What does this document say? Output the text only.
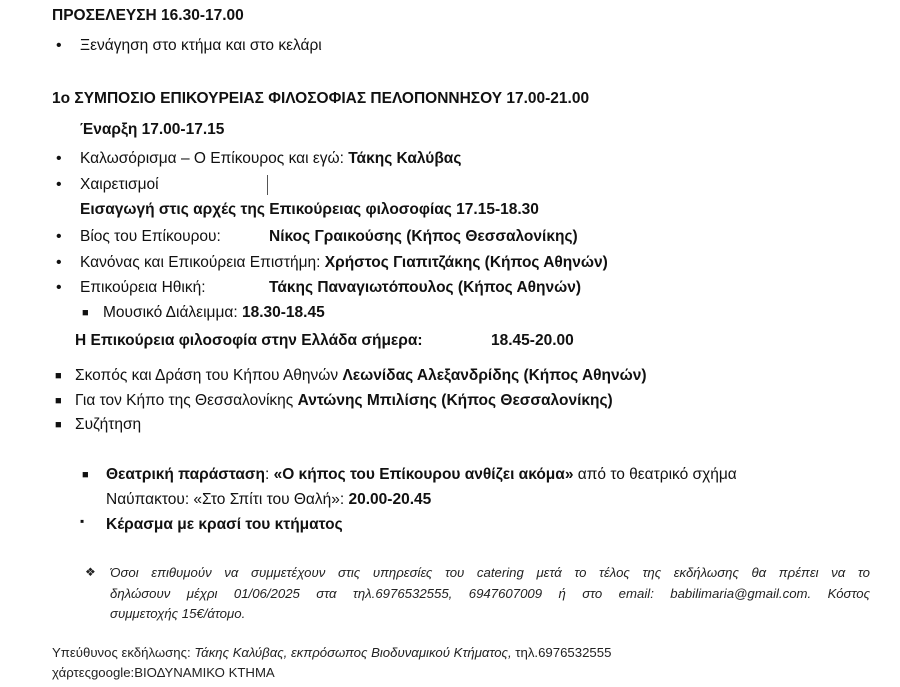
ΠΡΟΣΕΛΕΥΣΗ 16.30-17.00
• Ξενάγηση στο κτήμα και στο κελάρι
1ο ΣΥΜΠΟΣΙΟ ΕΠΙΚΟΥΡΕΙΑΣ ΦΙΛΟΣΟΦΙΑΣ ΠΕΛΟΠΟΝΝΗΣΟΥ 17.00-21.00
Έναρξη 17.00-17.15
• Καλωσόρισμα – Ο Επίκουρος και εγώ: Τάκης Καλύβας
• Χαιρετισμοί
Εισαγωγή στις αρχές της Επικούρειας φιλοσοφίας 17.15-18.30
• Βίος του Επίκουρου:	Νίκος Γραικούσης (Κήπος Θεσσαλονίκης)
• Κανόνας και Επικούρεια Επιστήμη: Χρήστος Γιαπιτζάκης (Κήπος Αθηνών)
• Επικούρεια Ηθική:	Τάκης Παναγιωτόπουλος (Κήπος Αθηνών)
■ Μουσικό Διάλειμμα: 18.30-18.45
Η Επικούρεια φιλοσοφία στην Ελλάδα σήμερα:	18.45-20.00
■ Σκοπός και Δράση του Κήπου Αθηνών Λεωνίδας Αλεξανδρίδης (Κήπος Αθηνών)
■ Για τον Κήπο της Θεσσαλονίκης Αντώνης Μπιλίσης (Κήπος Θεσσαλονίκης)
■ Συζήτηση
■ Θεατρική παράσταση: «Ο κήπος του Επίκουρου ανθίζει ακόμα» από το θεατρικό σχήμα
Ναύπακτου: «Στο Σπίτι του Θαλή»: 20.00-20.45
▪ Κέρασμα με κρασί του κτήματος
❖ Όσοι επιθυμούν να συμμετέχουν στις υπηρεσίες του catering μετά το τέλος της εκδήλωσης θα πρέπει να το
δηλώσουν μέχρι 01/06/2025 στα τηλ.6976532555, 6947607009 ή στο email: babilimaria@gmail.com. Κόστος
συμμετοχής 15€/άτομο.
Υπεύθυνος εκδήλωσης: Τάκης Καλύβας, εκπρόσωπος Βιοδυναμικού Κτήματος, τηλ.6976532555
χάρτεςgoogle:ΒΙΟΔΥΝΑΜΙΚΟ ΚΤΗΜΑ
